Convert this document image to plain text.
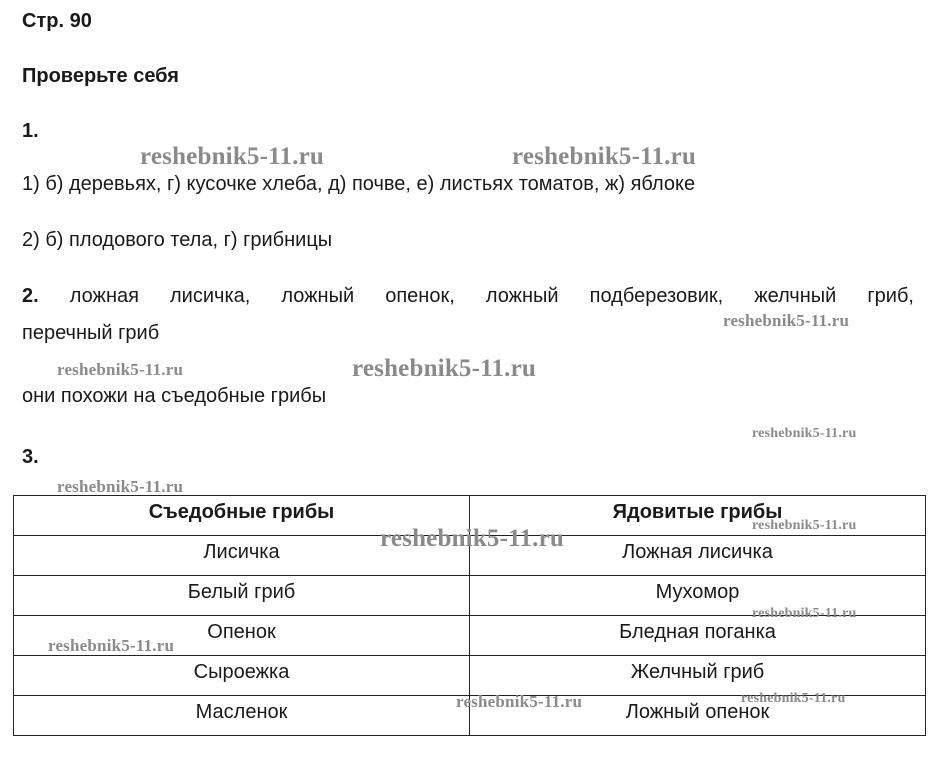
Стр. 90
Проверьте себя
1.
1) б) деревьях, г) кусочке хлеба, д) почве, е) листьях томатов, ж) яблоке
2) б) плодового тела, г) грибницы
2. ложная лисичка, ложный опенок, ложный подберезовик, желчный гриб,
перечный гриб
они похожи на съедобные грибы
3.
Съедобные грибы	Ядовитые грибы
Лисичка	Ложная лисичка
Белый гриб	Мухомор
Опенок	Бледная поганка
Сыроежка	Желчный гриб
Масленок	Ложный опенок
reshebnik5-11.ru	reshebnik5-11.ru
reshebnik5-11.ru
reshebnik5-11.ru	reshebnik5-11.ru
reshebnik5-11.ru
reshebnik5-11.ru
reshebnik5-11.ru
reshebnik5-11.ru
reshebnik5-11.ru
reshebnik5-11.ru
reshebnik5-11.ru	reshebnik5-11.ru
